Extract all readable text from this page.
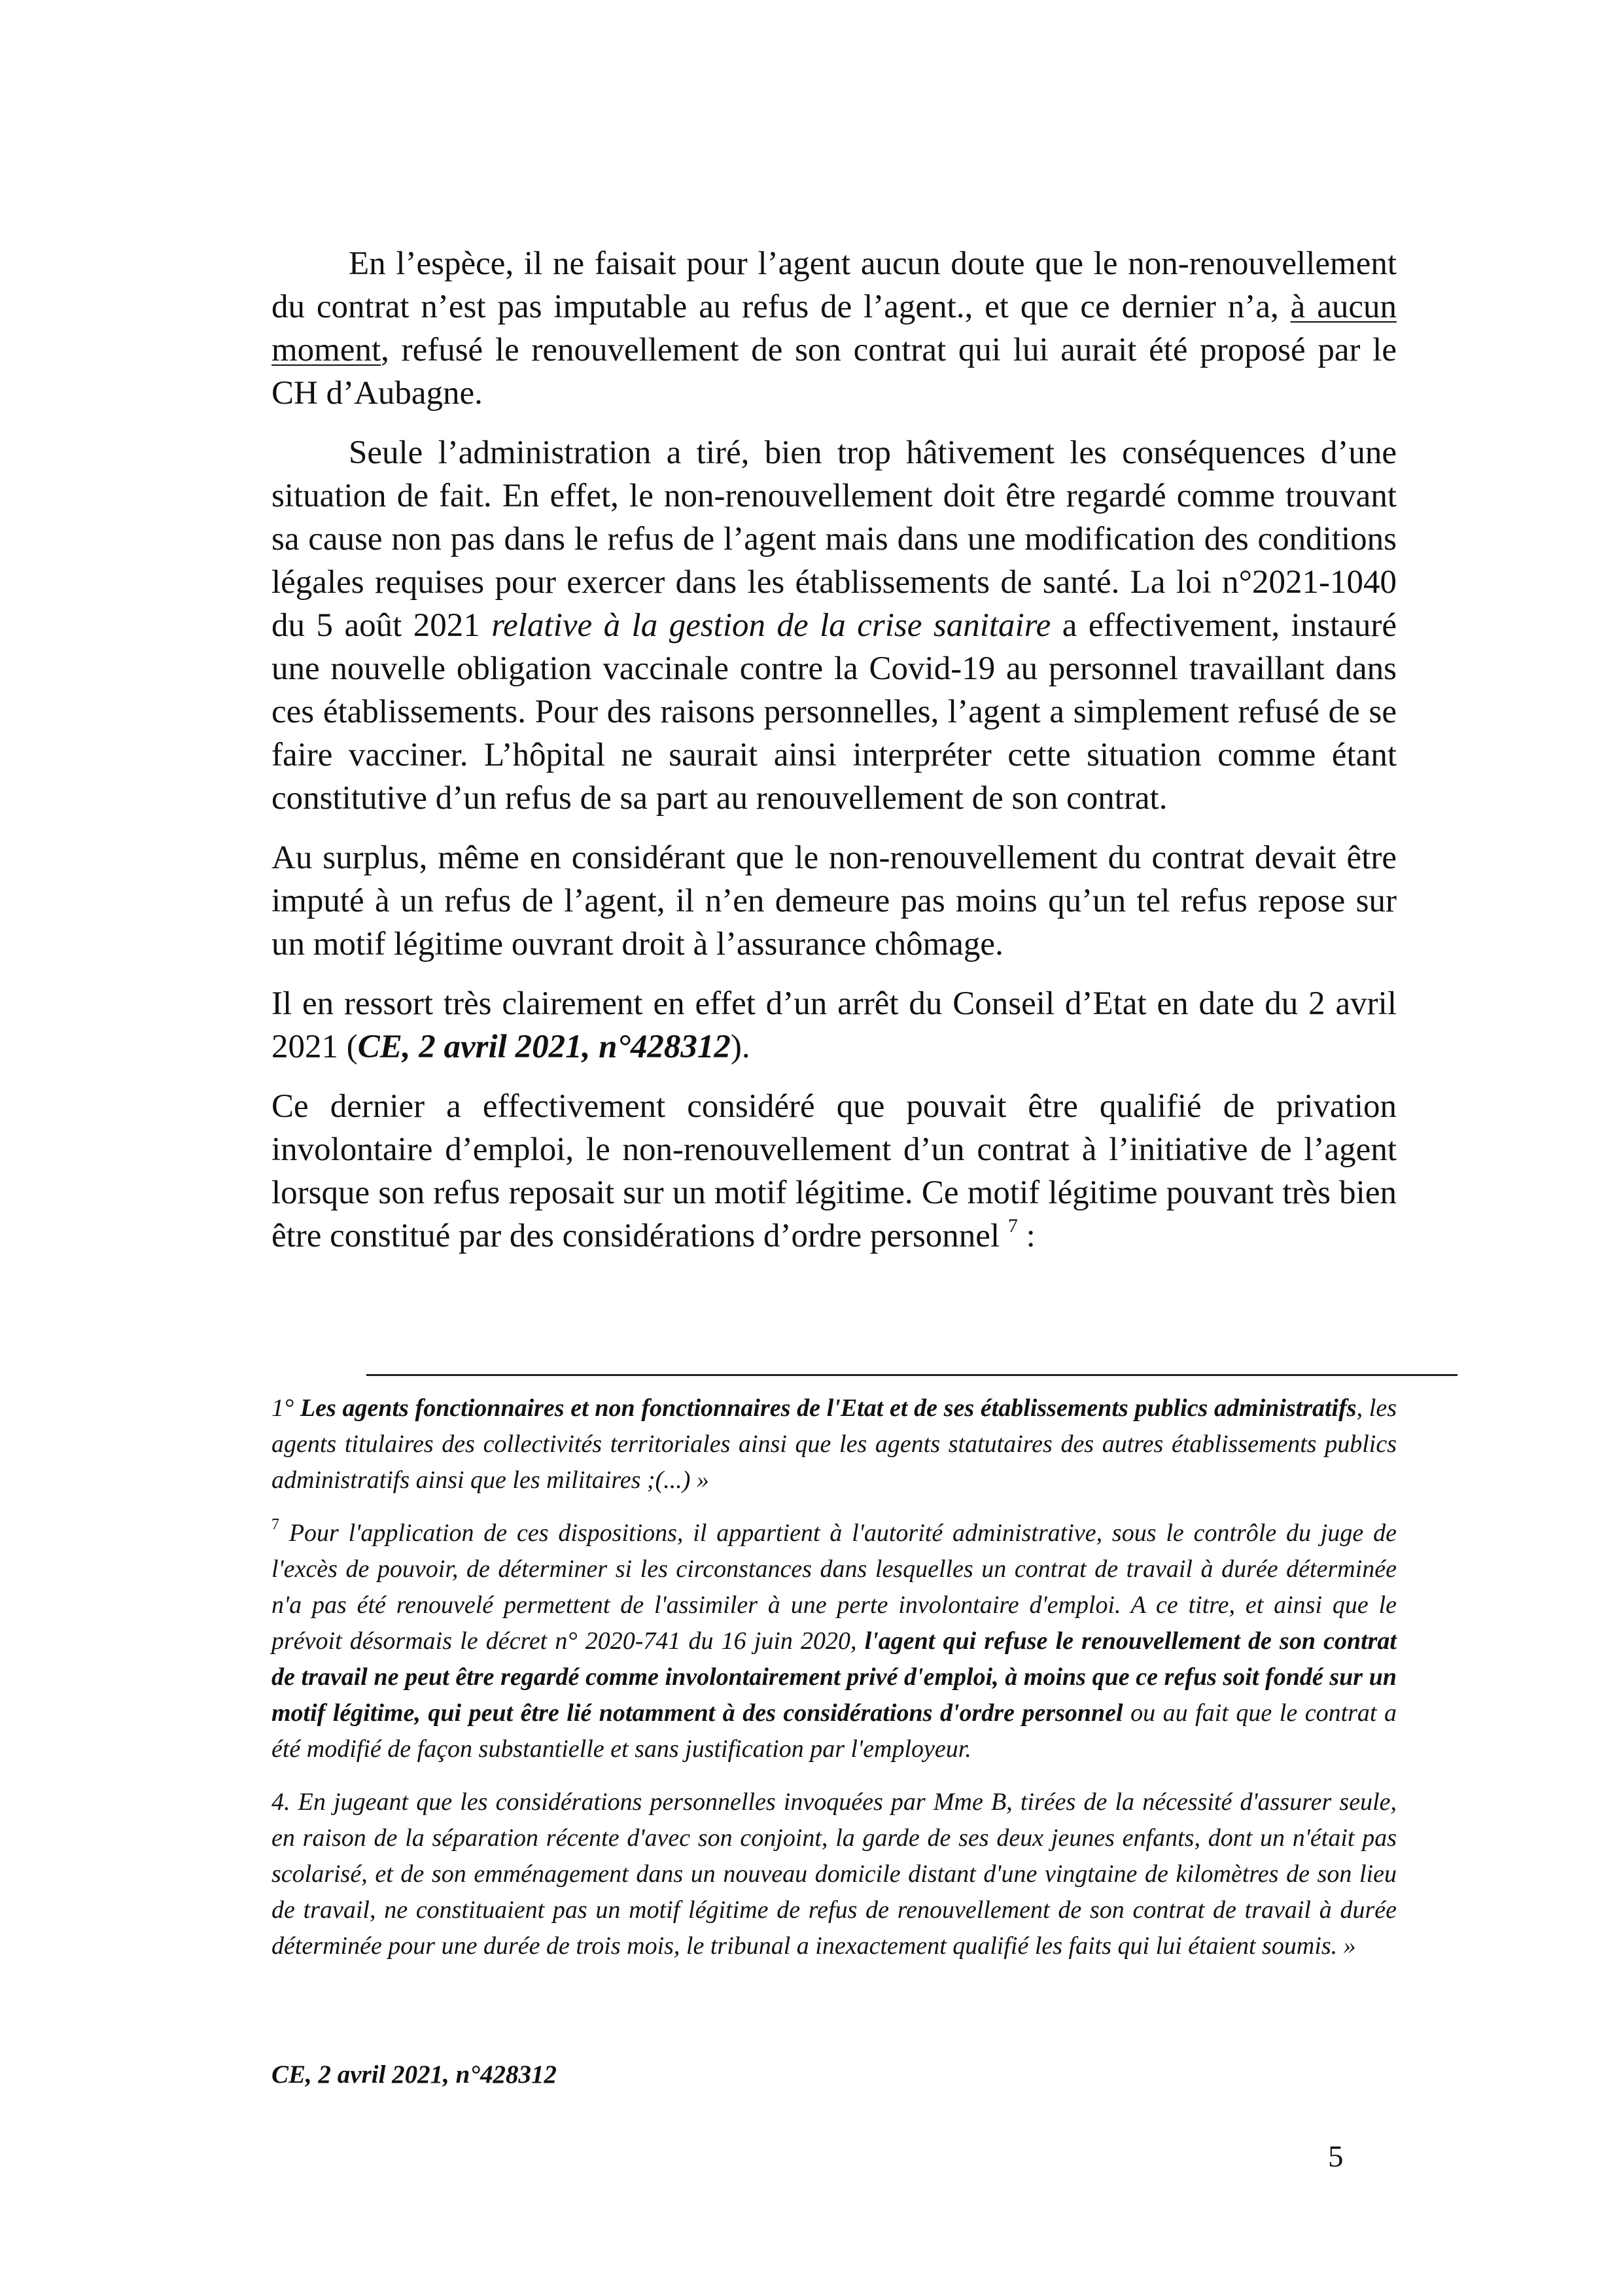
En l’espèce, il ne faisait pour l’agent aucun doute que le non-renouvellement du contrat n’est pas imputable au refus de l’agent., et que ce dernier n’a, à aucun moment, refusé le renouvellement de son contrat qui lui aurait été proposé par le CH d’Aubagne.

Seule l’administration a tiré, bien trop hâtivement les conséquences d’une situation de fait. En effet, le non-renouvellement doit être regardé comme trouvant sa cause non pas dans le refus de l’agent mais dans une modification des conditions légales requises pour exercer dans les établissements de santé. La loi n°2021-1040 du 5 août 2021 relative à la gestion de la crise sanitaire a effectivement, instauré une nouvelle obligation vaccinale contre la Covid-19 au personnel travaillant dans ces établissements. Pour des raisons personnelles, l’agent a simplement refusé de se faire vacciner. L’hôpital ne saurait ainsi interpréter cette situation comme étant constitutive d’un refus de sa part au renouvellement de son contrat.

Au surplus, même en considérant que le non-renouvellement du contrat devait être imputé à un refus de l’agent, il n’en demeure pas moins qu’un tel refus repose sur un motif légitime ouvrant droit à l’assurance chômage.

Il en ressort très clairement en effet d’un arrêt du Conseil d’Etat en date du 2 avril 2021 (CE, 2 avril 2021, n°428312).

Ce dernier a effectivement considéré que pouvait être qualifié de privation involontaire d’emploi, le non-renouvellement d’un contrat à l’initiative de l’agent lorsque son refus reposait sur un motif légitime. Ce motif légitime pouvant très bien être constitué par des considérations d’ordre personnel $^7$ :

1° Les agents fonctionnaires et non fonctionnaires de l'Etat et de ses établissements publics administratifs, les agents titulaires des collectivités territoriales ainsi que les agents statutaires des autres établissements publics administratifs ainsi que les militaires ;(...) »

$^7$ Pour l'application de ces dispositions, il appartient à l'autorité administrative, sous le contrôle du juge de l'excès de pouvoir, de déterminer si les circonstances dans lesquelles un contrat de travail à durée déterminée n'a pas été renouvelé permettent de l'assimiler à une perte involontaire d'emploi. A ce titre, et ainsi que le prévoit désormais le décret n° 2020-741 du 16 juin 2020, l'agent qui refuse le renouvellement de son contrat de travail ne peut être regardé comme involontairement privé d'emploi, à moins que ce refus soit fondé sur un motif légitime, qui peut être lié notamment à des considérations d'ordre personnel ou au fait que le contrat a été modifié de façon substantielle et sans justification par l'employeur.

4. En jugeant que les considérations personnelles invoquées par Mme B, tirées de la nécessité d'assurer seule, en raison de la séparation récente d'avec son conjoint, la garde de ses deux jeunes enfants, dont un n'était pas scolarisé, et de son emménagement dans un nouveau domicile distant d'une vingtaine de kilomètres de son lieu de travail, ne constituaient pas un motif légitime de refus de renouvellement de son contrat de travail à durée déterminée pour une durée de trois mois, le tribunal a inexactement qualifié les faits qui lui étaient soumis. »

CE, 2 avril 2021, n°428312
5
